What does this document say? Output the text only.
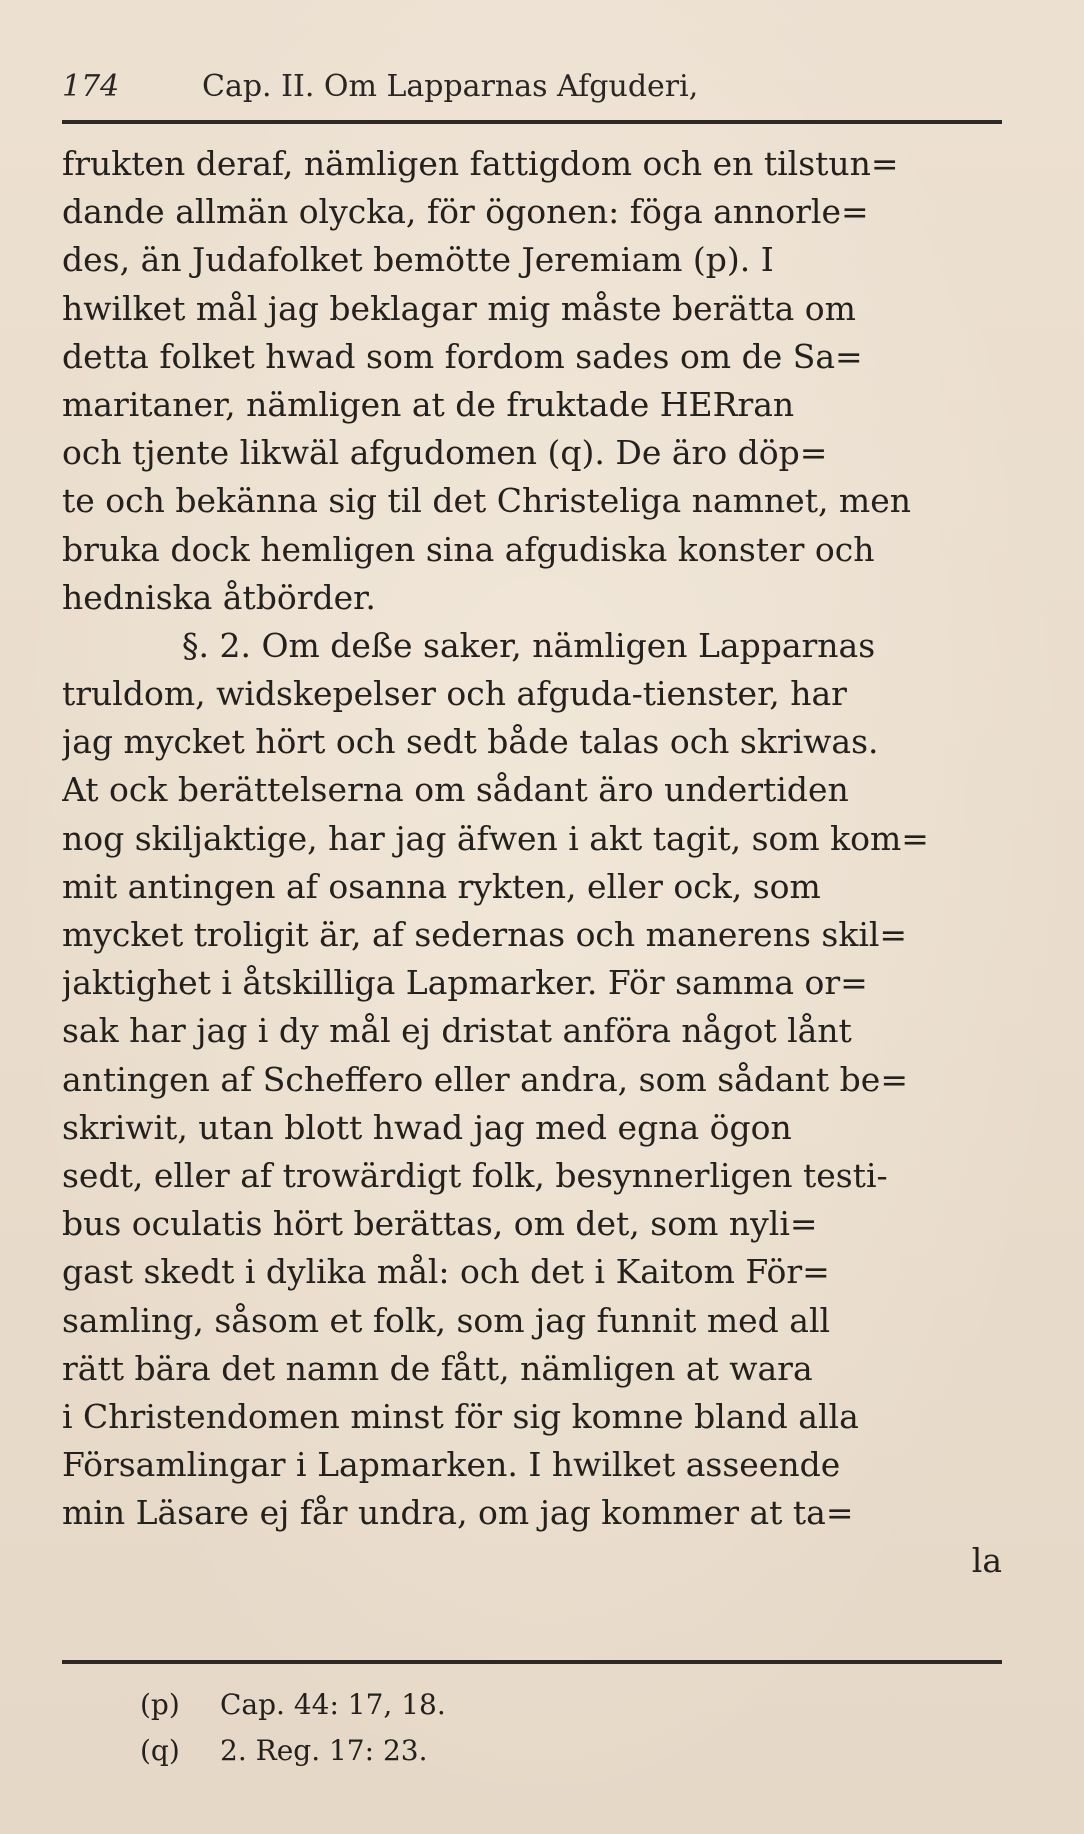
174	Cap. II. Om Lapparnas Afguderi,
frukten deraf, nämligen fattigdom och en tilstun=
dande allmän olycka, för ögonen: föga annorle=
des, än Judafolket bemötte Jeremiam (p). I
hwilket mål jag beklagar mig måste berätta om
detta folket hwad som fordom sades om de Sa=
maritaner, nämligen at de fruktade HERran
och tjente likwäl afgudomen (q). De äro döp=
te och bekänna sig til det Christeliga namnet, men
bruka dock hemligen sina afgudiska konster och
hedniska åtbörder.
§. 2. Om deße saker, nämligen Lapparnas
truldom, widskepelser och afguda-tienster, har
jag mycket hört och sedt både talas och skriwas.
At ock berättelserna om sådant äro undertiden
nog skiljaktige, har jag äfwen i akt tagit, som kom=
mit antingen af osanna rykten, eller ock, som
mycket troligit är, af sedernas och manerens skil=
jaktighet i åtskilliga Lapmarker. För samma or=
sak har jag i dy mål ej dristat anföra något lånt
antingen af Scheffero eller andra, som sådant be=
skriwit, utan blott hwad jag med egna ögon
sedt, eller af trowärdigt folk, besynnerligen testi-
bus oculatis hört berättas, om det, som nyli=
gast skedt i dylika mål: och det i Kaitom För=
samling, såsom et folk, som jag funnit med all
rätt bära det namn de fått, nämligen at wara
i Christendomen minst för sig komne bland alla
Församlingar i Lapmarken. I hwilket asseende
min Läsare ej får undra, om jag kommer at ta=
la
(p) Cap. 44: 17, 18.
(q) 2. Reg. 17: 23.
